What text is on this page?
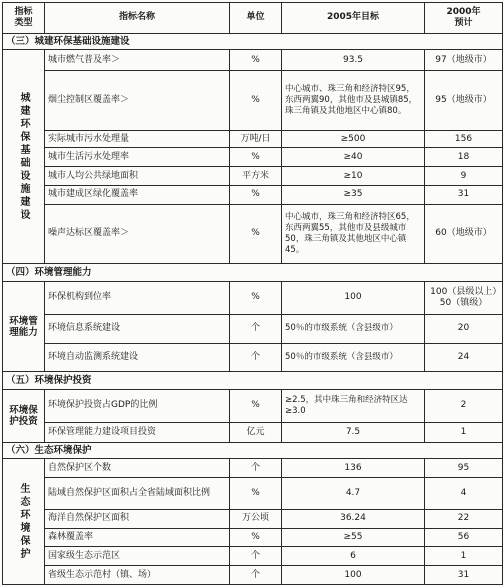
指标
类型	指标名称	单位	2005年目标	2000年
预计
（三）城建环保基础设施建设				

城建环保基础设施建设	城市燃气普及率＞	%	93.5	97（地级市）
	烟尘控制区覆盖率＞	%	中心城市、珠三角和经济特区95，东西两翼90，其他市及县城镇85，珠三角镇及其他地区中心镇80。	95（地级市）
	实际城市污水处理量	万吨/日	≥500	156
	城市生活污水处理率	%	≥40	18
	城市人均公共绿地面积	平方米	≥10	9
	城市建成区绿化覆盖率	%	≥35	31
	噪声达标区覆盖率＞	%	中心城市，珠三角和经济特区65，东西两翼55，其他市及县级城市50，珠三角镇及其他地区中心镇45。	60（地级市）
（四）环境管理能力				
环境管理能力	环保机构到位率	%	100	100（县级以上）50（镇级）
	环境信息系统建设	个	50％的市级系统（含县级市）	20
	环境自动监测系统建设	个	50％的市级系统（含县级市）	24
（五）环境保护投资				
环境保护投资	环境保护投资占GDP的比例	%	≥2.5，其中珠三角和经济特区达≥3.0	2
	环保管理能力建设项目投资	亿元	7.5	1
（六）生态环境保护				

生态环境保护	自然保护区个数	个	136	95
	陆域自然保护区面积占全省陆域面积比例	%	4.7	4
	海洋自然保护区面积	万公顷	36.24	22
	森林覆盖率	%	≥55	56
	国家级生态示范区	个	6	1
	省级生态示范村（镇、场）	个	100	31
